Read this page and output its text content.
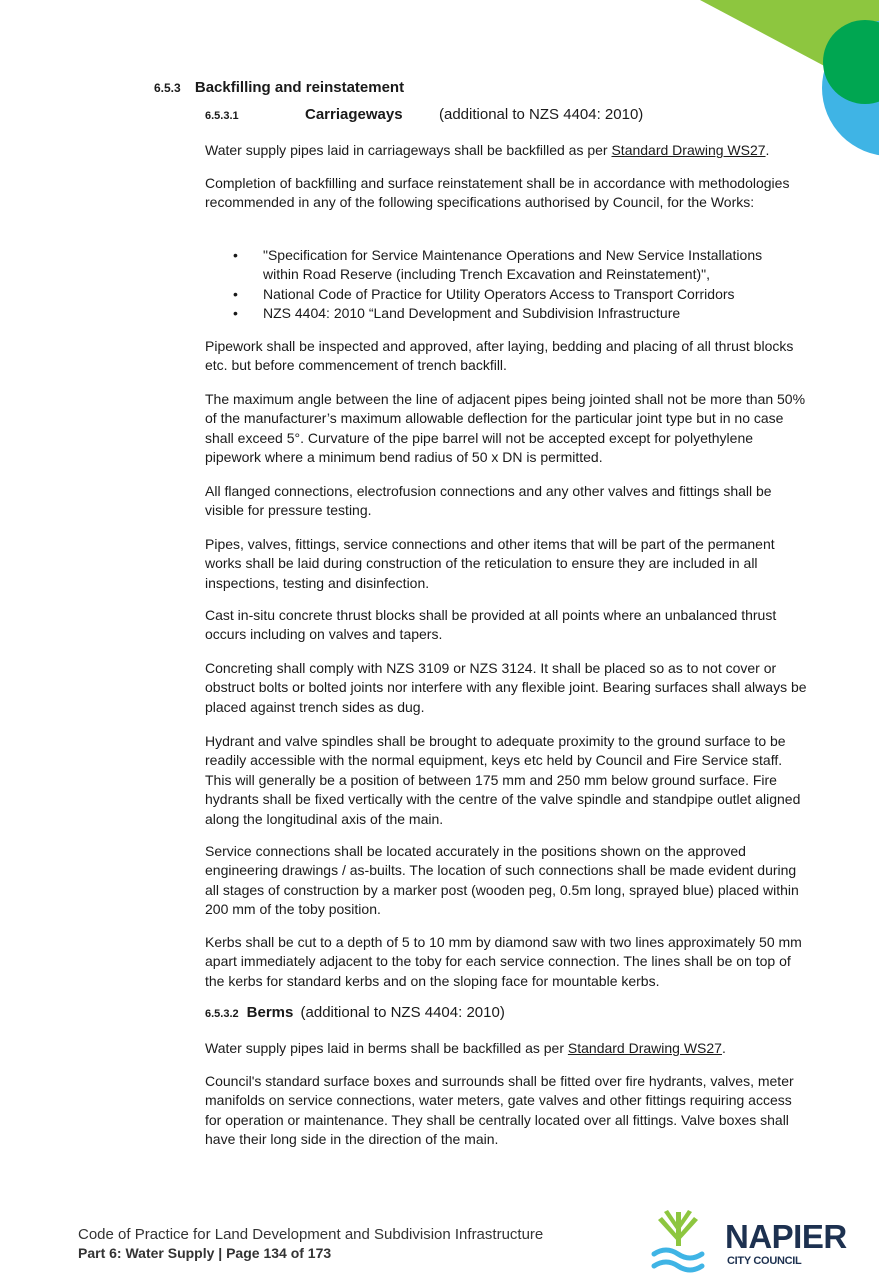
6.5.3 Backfilling and reinstatement
6.5.3.1	Carriageways (additional to NZS 4404: 2010)
Water supply pipes laid in carriageways shall be backfilled as per Standard Drawing WS27.
Completion of backfilling and surface reinstatement shall be in accordance with methodologies recommended in any of the following specifications authorised by Council, for the Works:
• "Specification for Service Maintenance Operations and New Service Installations within Road Reserve (including Trench Excavation and Reinstatement)",
• National Code of Practice for Utility Operators Access to Transport Corridors
• NZS 4404: 2010 “Land Development and Subdivision Infrastructure
Pipework shall be inspected and approved, after laying, bedding and placing of all thrust blocks etc. but before commencement of trench backfill.
The maximum angle between the line of adjacent pipes being jointed shall not be more than 50% of the manufacturer’s maximum allowable deflection for the particular joint type but in no case shall exceed 5°. Curvature of the pipe barrel will not be accepted except for polyethylene pipework where a minimum bend radius of 50 x DN is permitted.
All flanged connections, electrofusion connections and any other valves and fittings shall be visible for pressure testing.
Pipes, valves, fittings, service connections and other items that will be part of the permanent works shall be laid during construction of the reticulation to ensure they are included in all inspections, testing and disinfection.
Cast in-situ concrete thrust blocks shall be provided at all points where an unbalanced thrust occurs including on valves and tapers.
Concreting shall comply with NZS 3109 or NZS 3124. It shall be placed so as to not cover or obstruct bolts or bolted joints nor interfere with any flexible joint. Bearing surfaces shall always be placed against trench sides as dug.
Hydrant and valve spindles shall be brought to adequate proximity to the ground surface to be readily accessible with the normal equipment, keys etc held by Council and Fire Service staff. This will generally be a position of between 175 mm and 250 mm below ground surface. Fire hydrants shall be fixed vertically with the centre of the valve spindle and standpipe outlet aligned along the longitudinal axis of the main.
Service connections shall be located accurately in the positions shown on the approved engineering drawings / as-builts. The location of such connections shall be made evident during all stages of construction by a marker post (wooden peg, 0.5m long, sprayed blue) placed within 200 mm of the toby position.
Kerbs shall be cut to a depth of 5 to 10 mm by diamond saw with two lines approximately 50 mm apart immediately adjacent to the toby for each service connection. The lines shall be on top of the kerbs for standard kerbs and on the sloping face for mountable kerbs.
6.5.3.2 Berms (additional to NZS 4404: 2010)
Water supply pipes laid in berms shall be backfilled as per Standard Drawing WS27.
Council's standard surface boxes and surrounds shall be fitted over fire hydrants, valves, meter manifolds on service connections, water meters, gate valves and other fittings requiring access for operation or maintenance. They shall be centrally located over all fittings. Valve boxes shall have their long side in the direction of the main.
Code of Practice for Land Development and Subdivision Infrastructure
Part 6: Water Supply | Page 134 of 173	NAPIER
CITY COUNCIL
